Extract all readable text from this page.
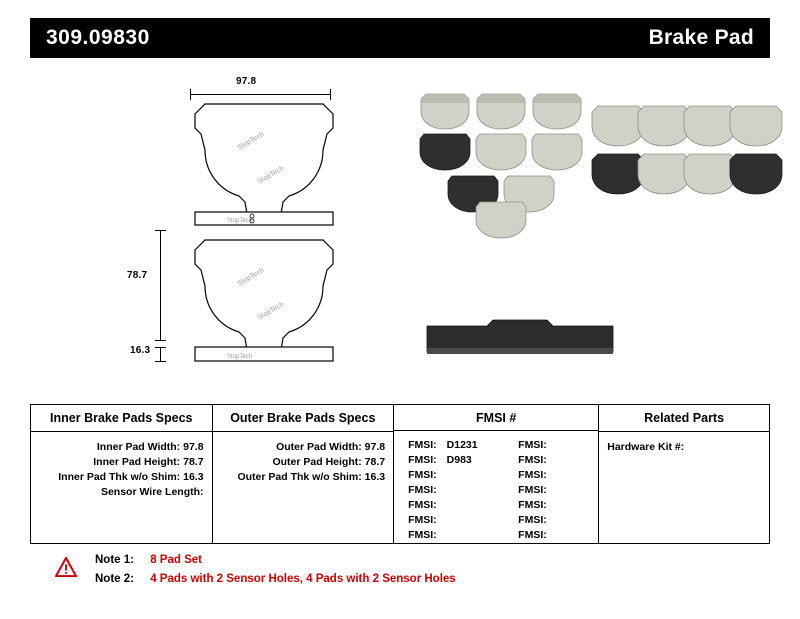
309.09830	Brake Pad
97.8
78.7
16.3
StopTech
StopTech
StopTech
StopTech
StopTech
StopTech
Inner Brake Pads Specs
Inner Pad Width: 97.8
Inner Pad Height: 78.7
Inner Pad Thk w/o Shim: 16.3
Sensor Wire Length:
Outer Brake Pads Specs
Outer Pad Width: 97.8
Outer Pad Height: 78.7
Outer Pad Thk w/o Shim: 16.3
FMSI #
FMSI: D1231
FMSI: D983
FMSI:
FMSI:
FMSI:
FMSI:
FMSI:
FMSI:
FMSI:
FMSI:
FMSI:
FMSI:
FMSI:
FMSI:
Related Parts
Hardware Kit #:
Note 1: 8 Pad Set
Note 2: 4 Pads with 2 Sensor Holes, 4 Pads with 2 Sensor Holes
